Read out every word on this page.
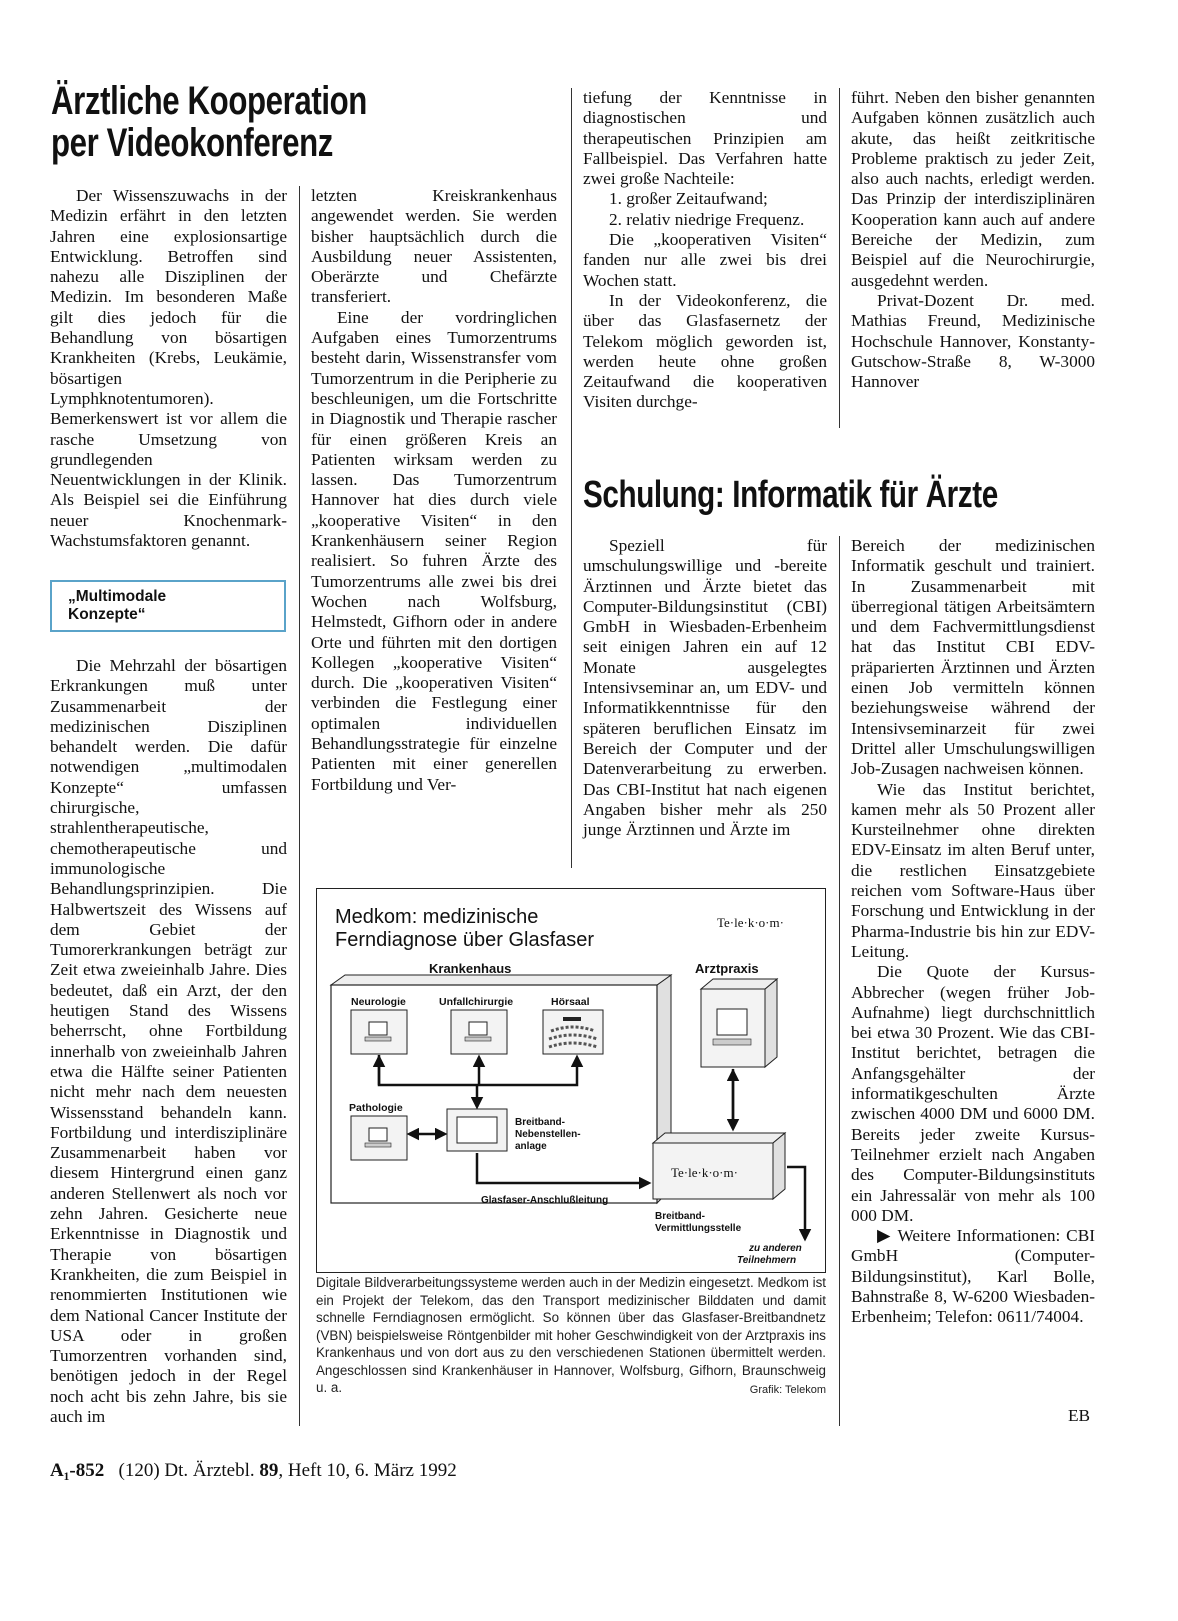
Ärztliche Kooperation
per Videokonferenz

Der Wissenszuwachs in der Medizin erfährt in den letzten Jahren eine explosionsartige Entwicklung. Betroffen sind nahezu alle Disziplinen der Medizin. Im besonderen Maße gilt dies jedoch für die Behandlung von bösartigen Krankheiten (Krebs, Leukämie, bösartigen Lymphknotentumoren). Bemerkenswert ist vor allem die rasche Umsetzung von grundlegenden Neuentwicklungen in der Klinik. Als Beispiel sei die Einführung neuer Knochenmark-Wachstumsfaktoren genannt.

„Multimodale Konzepte“

Die Mehrzahl der bösartigen Erkrankungen muß unter Zusammenarbeit der medizinischen Disziplinen behandelt werden. Die dafür notwendigen „multimodalen Konzepte“ umfassen chirurgische, strahlentherapeutische, chemotherapeutische und immunologische Behandlungsprinzipien. Die Halbwertszeit des Wissens auf dem Gebiet der Tumorerkrankungen beträgt zur Zeit etwa zweieinhalb Jahre. Dies bedeutet, daß ein Arzt, der den heutigen Stand des Wissens beherrscht, ohne Fortbildung innerhalb von zweieinhalb Jahren etwa die Hälfte seiner Patienten nicht mehr nach dem neuesten Wissensstand behandeln kann. Fortbildung und interdisziplinäre Zusammenarbeit haben vor diesem Hintergrund einen ganz anderen Stellenwert als noch vor zehn Jahren. Gesicherte neue Erkenntnisse in Diagnostik und Therapie von bösartigen Krankheiten, die zum Beispiel in renommierten Institutionen wie dem National Cancer Institute der USA oder in großen Tumorzentren vorhanden sind, benötigen jedoch in der Regel noch acht bis zehn Jahre, bis sie auch im

letzten Kreiskrankenhaus angewendet werden. Sie werden bisher hauptsächlich durch die Ausbildung neuer Assistenten, Oberärzte und Chefärzte transferiert.

Eine der vordringlichen Aufgaben eines Tumorzentrums besteht darin, Wissenstransfer vom Tumorzentrum in die Peripherie zu beschleunigen, um die Fortschritte in Diagnostik und Therapie rascher für einen größeren Kreis an Patienten wirksam werden zu lassen. Das Tumorzentrum Hannover hat dies durch viele „kooperative Visiten“ in den Krankenhäusern seiner Region realisiert. So fuhren Ärzte des Tumorzentrums alle zwei bis drei Wochen nach Wolfsburg, Helmstedt, Gifhorn oder in andere Orte und führten mit den dortigen Kollegen „kooperative Visiten“ durch. Die „kooperativen Visiten“ verbinden die Festlegung einer optimalen individuellen Behandlungsstrategie für einzelne Patienten mit einer generellen Fortbildung und Ver-

tiefung der Kenntnisse in diagnostischen und therapeutischen Prinzipien am Fallbeispiel. Das Verfahren hatte zwei große Nachteile:

1. großer Zeitaufwand;

2. relativ niedrige Frequenz.

Die „kooperativen Visiten“ fanden nur alle zwei bis drei Wochen statt.

In der Videokonferenz, die über das Glasfasernetz der Telekom möglich geworden ist, werden heute ohne großen Zeitaufwand die kooperativen Visiten durchge-

führt. Neben den bisher genannten Aufgaben können zusätzlich auch akute, das heißt zeitkritische Probleme praktisch zu jeder Zeit, also auch nachts, erledigt werden. Das Prinzip der interdisziplinären Kooperation kann auch auf andere Bereiche der Medizin, zum Beispiel auf die Neurochirurgie, ausgedehnt werden.

Privat-Dozent Dr. med. Mathias Freund, Medizinische Hochschule Hannover, Konstanty-Gutschow-Straße 8, W-3000 Hannover

Schulung: Informatik für Ärzte

Speziell für umschulungswillige und -bereite Ärztinnen und Ärzte bietet das Computer-Bildungsinstitut (CBI) GmbH in Wiesbaden-Erbenheim seit einigen Jahren ein auf 12 Monate ausgelegtes Intensivseminar an, um EDV- und Informatikkenntnisse für den späteren beruflichen Einsatz im Bereich der Computer und der Datenverarbeitung zu erwerben. Das CBI-Institut hat nach eigenen Angaben bisher mehr als 250 junge Ärztinnen und Ärzte im

Bereich der medizinischen Informatik geschult und trainiert. In Zusammenarbeit mit überregional tätigen Arbeitsämtern und dem Fachvermittlungsdienst hat das Institut CBI EDV-präparierten Ärztinnen und Ärzten einen Job vermitteln können beziehungsweise während der Intensivseminarzeit für zwei Drittel aller Umschulungswilligen Job-Zusagen nachweisen können.

Wie das Institut berichtet, kamen mehr als 50 Prozent aller Kursteilnehmer ohne direkten EDV-Einsatz im alten Beruf unter, die restlichen Einsatzgebiete reichen vom Software-Haus über Forschung und Entwicklung in der Pharma-Industrie bis hin zur EDV-Leitung.

Die Quote der Kursus-Abbrecher (wegen früher Job-Aufnahme) liegt durchschnittlich bei etwa 30 Prozent. Wie das CBI-Institut berichtet, betragen die Anfangsgehälter der informatikgeschulten Ärzte zwischen 4000 DM und 6000 DM. Bereits jeder zweite Kursus-Teilnehmer erzielt nach Angaben des Computer-Bildungsinstituts ein Jahressalär von mehr als 100 000 DM.

▶ Weitere Informationen: CBI GmbH (Computer-Bildungsinstitut), Karl Bolle, Bahnstraße 8, W-6200 Wiesbaden-Erbenheim; Telefon: 0611/74004.

EB
Medkom: medizinische
Ferndiagnose über Glasfaser
Te·le·k·o·m·
Krankenhaus
Neurologie	Unfallchirurgie	Hörsaal
Pathologie
Breitband-
Nebenstellen-
anlage
Arztpraxis
Te·le·k·o·m·
Glasfaser-Anschlußleitung
Breitband-
Vermittlungsstelle
zu anderen
Teilnehmern

Digitale Bildverarbeitungssysteme werden auch in der Medizin eingesetzt. Medkom ist ein Projekt der Telekom, das den Transport medizinischer Bilddaten und damit schnelle Ferndiagnosen ermöglicht. So können über das Glasfaser-Breitbandnetz (VBN) beispielsweise Röntgenbilder mit hoher Geschwindigkeit von der Arztpraxis ins Krankenhaus und von dort aus zu den verschiedenen Stationen übermittelt werden. Angeschlossen sind Krankenhäuser in Hannover, Wolfsburg, Gifhorn, Braunschweig u. a.	Grafik: Telekom

A₁-852 (120) Dt. Ärztebl. 89, Heft 10, 6. März 1992
